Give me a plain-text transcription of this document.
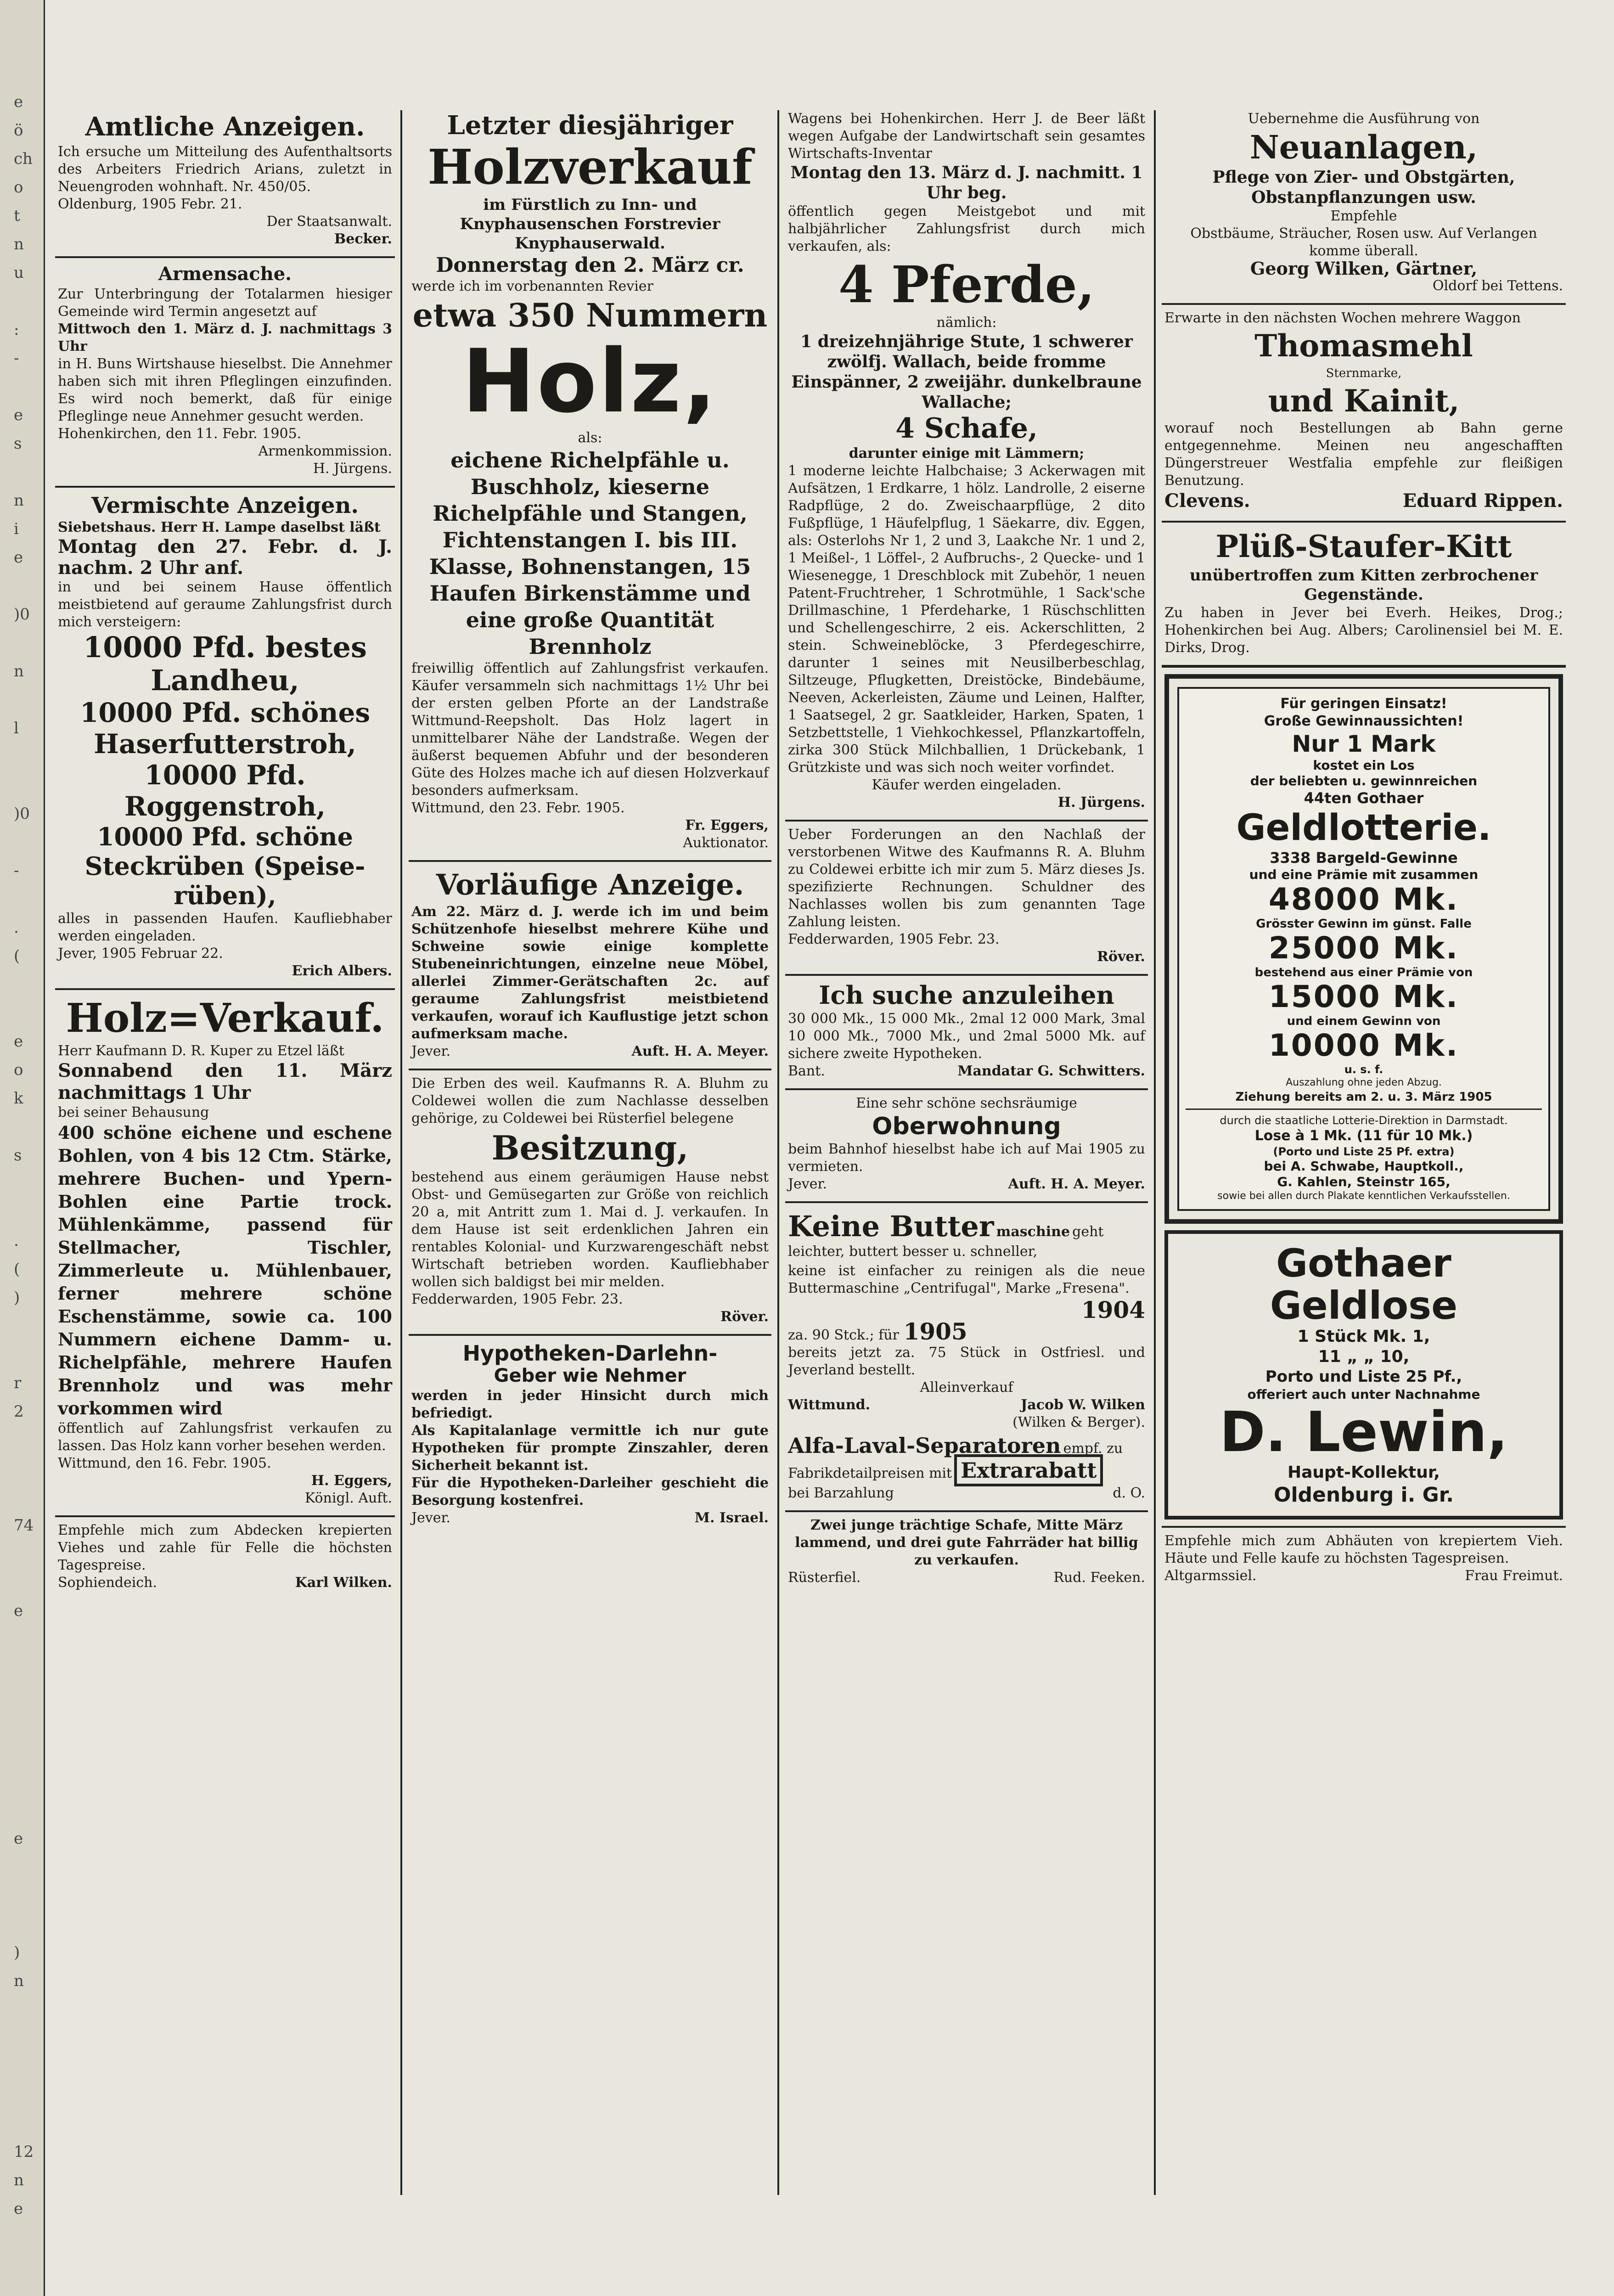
e
ö
ch
o
t
n
u
:
-
e
s
n
i
e
)0
n
l
)0
-
.
(
e
o
k
s
.
(
)
r
2
74
e
e
)
n
12
n
e

Amtliche Anzeigen.

Ich ersuche um Mitteilung des Aufenthaltsorts des Arbeiters Friedrich Arians, zuletzt in Neuengroden wohnhaft. Nr. 450/05.

Oldenburg, 1905 Febr. 21.

Der Staatsanwalt.

Becker.

Armensache.

Zur Unterbringung der Totalarmen hiesiger Gemeinde wird Termin angesetzt auf

Mittwoch den 1. März d. J. nachmittags 3 Uhr

in H. Buns Wirtshause hieselbst. Die Annehmer haben sich mit ihren Pfleglingen einzufinden. Es wird noch bemerkt, daß für einige Pfleglinge neue Annehmer gesucht werden.

Hohenkirchen, den 11. Febr. 1905.

Armenkommission.

H. Jürgens.

Vermischte Anzeigen.

Siebetshaus. Herr H. Lampe daselbst läßt

Montag den 27. Febr. d. J. nachm. 2 Uhr anf.

in und bei seinem Hause öffentlich meistbietend auf geraume Zahlungsfrist durch mich versteigern:

10000 Pfd. bestes Landheu,

10000 Pfd. schönes Haserfutterstroh,

10000 Pfd. Roggenstroh,

10000 Pfd. schöne Steckrüben (Speise-rüben),

alles in passenden Haufen. Kaufliebhaber werden eingeladen.

Jever, 1905 Februar 22.

Erich Albers.

Holz=Verkauf.

Herr Kaufmann D. R. Kuper zu Etzel läßt

Sonnabend den 11. März nachmittags 1 Uhr

bei seiner Behausung

400 schöne eichene und eschene Bohlen, von 4 bis 12 Ctm. Stärke, mehrere Buchen- und Ypern-Bohlen eine Partie trock. Mühlenkämme, passend für Stellmacher, Tischler, Zimmerleute u. Mühlenbauer, ferner mehrere schöne Eschenstämme, sowie ca. 100 Nummern eichene Damm- u. Richelpfähle, mehrere Haufen Brennholz und was mehr vorkommen wird

öffentlich auf Zahlungsfrist verkaufen zu lassen. Das Holz kann vorher besehen werden.

Wittmund, den 16. Febr. 1905.

H. Eggers,

Königl. Auft.

Empfehle mich zum Abdecken krepierten Viehes und zahle für Felle die höchsten Tagespreise.

Sophiendeich.	Karl Wilken.

Letzter diesjähriger

Holzverkauf

im Fürstlich zu Inn- und Knyphausenschen Forstrevier Knyphauserwald.

Donnerstag den 2. März cr.

werde ich im vorbenannten Revier

etwa 350 Nummern

Holz,

als:

eichene Richelpfähle u. Buschholz, kieserne Richelpfähle und Stangen, Fichtenstangen I. bis III. Klasse, Bohnenstangen, 15 Haufen Birkenstämme und eine große Quantität Brennholz

freiwillig öffentlich auf Zahlungsfrist verkaufen. Käufer versammeln sich nachmittags 1½ Uhr bei der ersten gelben Pforte an der Landstraße Wittmund-Reepsholt. Das Holz lagert in unmittelbarer Nähe der Landstraße. Wegen der äußerst bequemen Abfuhr und der besonderen Güte des Holzes mache ich auf diesen Holzverkauf besonders aufmerksam.

Wittmund, den 23. Febr. 1905.

Fr. Eggers,

Auktionator.

Vorläufige Anzeige.

Am 22. März d. J. werde ich im und beim Schützenhofe hieselbst mehrere Kühe und Schweine sowie einige komplette Stubeneinrichtungen, einzelne neue Möbel, allerlei Zimmer-Gerätschaften 2c. auf geraume Zahlungsfrist meistbietend verkaufen, worauf ich Kauflustige jetzt schon aufmerksam mache.

Jever.	Auft. H. A. Meyer.

Die Erben des weil. Kaufmanns R. A. Bluhm zu Coldewei wollen die zum Nachlasse desselben gehörige, zu Coldewei bei Rüsterfiel belegene

Besitzung,

bestehend aus einem geräumigen Hause nebst Obst- und Gemüsegarten zur Größe von reichlich 20 a, mit Antritt zum 1. Mai d. J. verkaufen. In dem Hause ist seit erdenklichen Jahren ein rentables Kolonial- und Kurzwarengeschäft nebst Wirtschaft betrieben worden. Kaufliebhaber wollen sich baldigst bei mir melden.

Fedderwarden, 1905 Febr. 23.

Röver.

Hypotheken-Darlehn-

Geber wie Nehmer

werden in jeder Hinsicht durch mich befriedigt.

Als Kapitalanlage vermittle ich nur gute Hypotheken für prompte Zinszahler, deren Sicherheit bekannt ist.

Für die Hypotheken-Darleiher geschieht die Besorgung kostenfrei.

Jever.	M. Israel.

Wagens bei Hohenkirchen. Herr J. de Beer läßt wegen Aufgabe der Landwirtschaft sein gesamtes Wirtschafts-Inventar

Montag den 13. März d. J. nachmitt. 1 Uhr beg.

öffentlich gegen Meistgebot und mit halbjährlicher Zahlungsfrist durch mich verkaufen, als:

4 Pferde,

nämlich:

1 dreizehnjährige Stute, 1 schwerer zwölfj. Wallach, beide fromme Einspänner, 2 zweijähr. dunkelbraune Wallache;

4 Schafe,

darunter einige mit Lämmern;

1 moderne leichte Halbchaise; 3 Ackerwagen mit Aufsätzen, 1 Erdkarre, 1 hölz. Landrolle, 2 eiserne Radpflüge, 2 do. Zweischaarpflüge, 2 dito Fußpflüge, 1 Häufelpflug, 1 Säekarre, div. Eggen, als: Osterlohs Nr 1, 2 und 3, Laakche Nr. 1 und 2, 1 Meißel-, 1 Löffel-, 2 Aufbruchs-, 2 Quecke- und 1 Wiesenegge, 1 Dreschblock mit Zubehör, 1 neuen Patent-Fruchtreher, 1 Schrotmühle, 1 Sack'sche Drillmaschine, 1 Pferdeharke, 1 Rüschschlitten und Schellengeschirre, 2 eis. Ackerschlitten, 2 stein. Schweineblöcke, 3 Pferdegeschirre, darunter 1 seines mit Neusilberbeschlag, Siltzeuge, Pflugketten, Dreistöcke, Bindebäume, Neeven, Ackerleisten, Zäume und Leinen, Halfter, 1 Saatsegel, 2 gr. Saatkleider, Harken, Spaten, 1 Setzbettstelle, 1 Viehkochkessel, Pflanzkartoffeln, zirka 300 Stück Milchballien, 1 Drückebank, 1 Grützkiste und was sich noch weiter vorfindet.

Käufer werden eingeladen.

H. Jürgens.

Ueber Forderungen an den Nachlaß der verstorbenen Witwe des Kaufmanns R. A. Bluhm zu Coldewei erbitte ich mir zum 5. März dieses Js. spezifizierte Rechnungen. Schuldner des Nachlasses wollen bis zum genannten Tage Zahlung leisten.

Fedderwarden, 1905 Febr. 23.

Röver.

Ich suche anzuleihen

30 000 Mk., 15 000 Mk., 2mal 12 000 Mark, 3mal 10 000 Mk., 7000 Mk., und 2mal 5000 Mk. auf sichere zweite Hypotheken.

Bant.	Mandatar G. Schwitters.

Eine sehr schöne sechsräumige

Oberwohnung

beim Bahnhof hieselbst habe ich auf Mai 1905 zu vermieten.

Jever.	Auft. H. A. Meyer.

Keine Butter maschine geht leichter, buttert besser u. schneller,

keine ist einfacher zu reinigen als die neue Buttermaschine „Centrifugal", Marke „Fresena".

1904

za. 90 Stck.; für 1905

bereits jetzt za. 75 Stück in Ostfriesl. und Jeverland bestellt.

Alleinverkauf

Wittmund.	Jacob W. Wilken

(Wilken & Berger).

Alfa-Laval-Separatoren empf. zu Fabrikdetailpreisen mit Extrarabatt

bei Barzahlung	d. O.

Zwei junge trächtige Schafe, Mitte März lammend, und drei gute Fahrräder hat billig zu verkaufen.

Rüsterfiel.	Rud. Feeken.

Uebernehme die Ausführung von

Neuanlagen,

Pflege von Zier- und Obstgärten,

Obstanpflanzungen usw.

Empfehle

Obstbäume, Sträucher, Rosen usw. Auf Verlangen komme überall.

Georg Wilken, Gärtner,

Oldorf bei Tettens.

Erwarte in den nächsten Wochen mehrere Waggon

Thomasmehl

Sternmarke,

und Kainit,

worauf noch Bestellungen ab Bahn gerne entgegennehme. Meinen neu angeschafften Düngerstreuer Westfalia empfehle zur fleißigen Benutzung.

Clevens.	Eduard Rippen.

Plüß-Staufer-Kitt

unübertroffen zum Kitten zerbrochener Gegenstände.

Zu haben in Jever bei Everh. Heikes, Drog.; Hohenkirchen bei Aug. Albers; Carolinensiel bei M. E. Dirks, Drog.

Für geringen Einsatz!

Große Gewinnaussichten!

Nur 1 Mark

kostet ein Los

der beliebten u. gewinnreichen

44ten Gothaer

Geldlotterie.

3338 Bargeld-Gewinne

und eine Prämie mit zusammen

48000 Mk.

Grösster Gewinn im günst. Falle

25000 Mk.

bestehend aus einer Prämie von

15000 Mk.

und einem Gewinn von

10000 Mk.

u. s. f.

Auszahlung ohne jeden Abzug.

Ziehung bereits am 2. u. 3. März 1905

durch die staatliche Lotterie-Direktion in Darmstadt.

Lose à 1 Mk. (11 für 10 Mk.)

(Porto und Liste 25 Pf. extra)

bei A. Schwabe, Hauptkoll.,

G. Kahlen, Steinstr 165,

sowie bei allen durch Plakate kenntlichen Verkaufsstellen.

Gothaer

Geldlose

1 Stück Mk. 1,

11 „ „ 10,

Porto und Liste 25 Pf.,

offeriert auch unter Nachnahme

D. Lewin,

Haupt-Kollektur,

Oldenburg i. Gr.

Empfehle mich zum Abhäuten von krepiertem Vieh. Häute und Felle kaufe zu höchsten Tagespreisen.

Altgarmssiel.	Frau Freimut.
